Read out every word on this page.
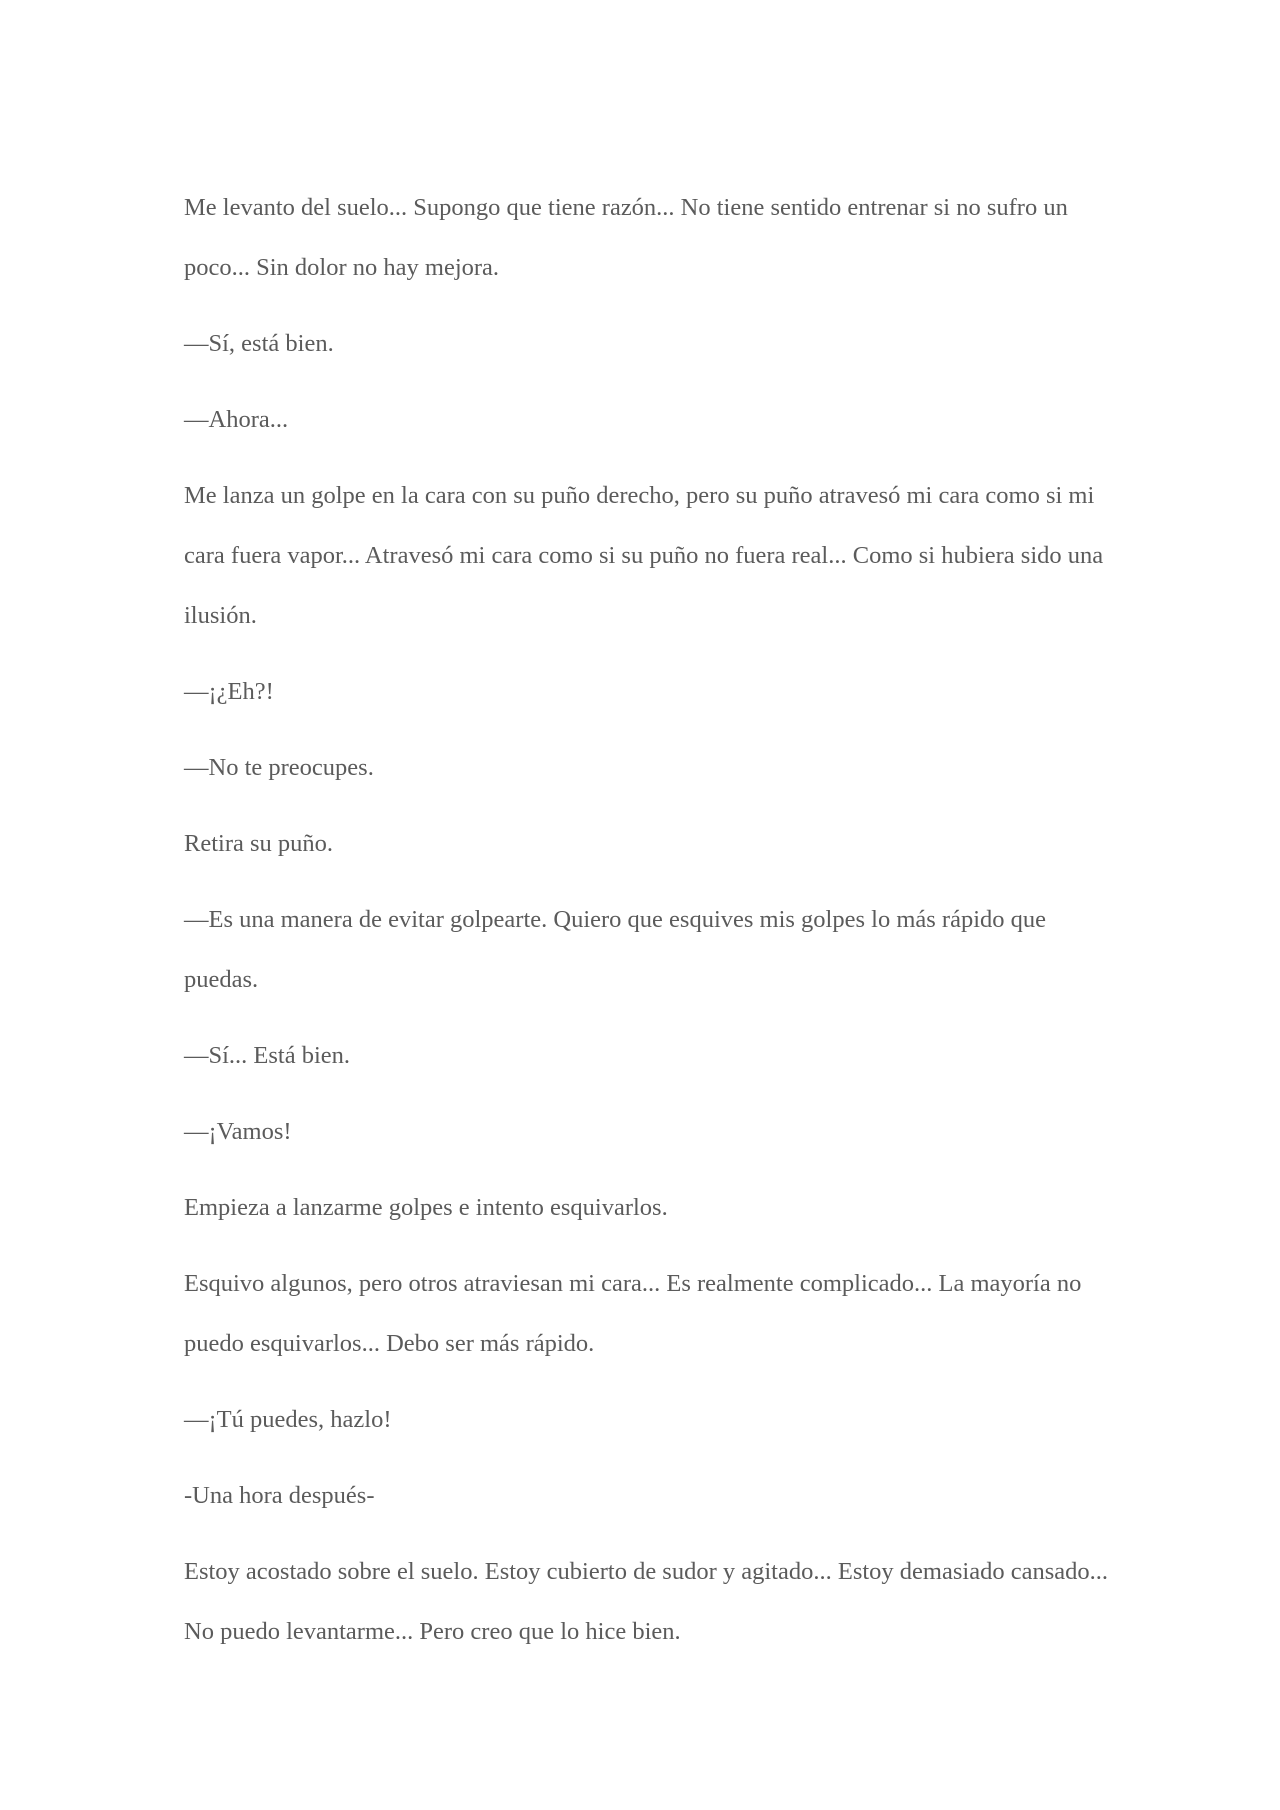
Me levanto del suelo... Supongo que tiene razón... No tiene sentido entrenar si no sufro un poco... Sin dolor no hay mejora.

—Sí, está bien.

—Ahora...

Me lanza un golpe en la cara con su puño derecho, pero su puño atravesó mi cara como si mi cara fuera vapor... Atravesó mi cara como si su puño no fuera real... Como si hubiera sido una ilusión.

—¡¿Eh?!

—No te preocupes.

Retira su puño.

—Es una manera de evitar golpearte. Quiero que esquives mis golpes lo más rápido que puedas.

—Sí... Está bien.

—¡Vamos!

Empieza a lanzarme golpes e intento esquivarlos.

Esquivo algunos, pero otros atraviesan mi cara... Es realmente complicado... La mayoría no puedo esquivarlos... Debo ser más rápido.

—¡Tú puedes, hazlo!

-Una hora después-

Estoy acostado sobre el suelo. Estoy cubierto de sudor y agitado... Estoy demasiado cansado... No puedo levantarme... Pero creo que lo hice bien.
